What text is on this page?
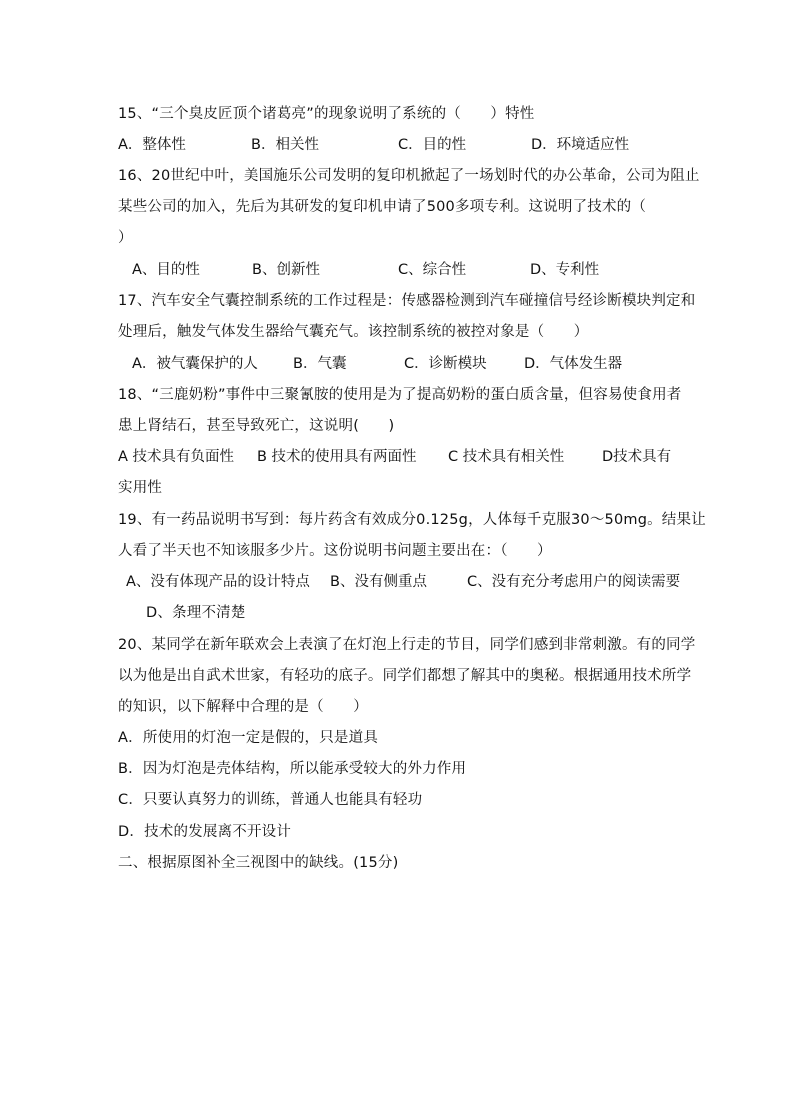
15、“三个臭皮匠顶个诸葛亮”的现象说明了系统的（　　）特性
A．整体性	B．相关性	C．目的性	D．环境适应性
16、20世纪中叶，美国施乐公司发明的复印机掀起了一场划时代的办公革命，公司为阻止
某些公司的加入，先后为其研发的复印机申请了500多项专利。这说明了技术的（
）
A、目的性	B、创新性	C、综合性	D、专利性
17、汽车安全气囊控制系统的工作过程是：传感器检测到汽车碰撞信号经诊断模块判定和
处理后，触发气体发生器给气囊充气。该控制系统的被控对象是（　　）
A．被气囊保护的人 B．气囊	C．诊断模块	D．气体发生器
18、“三鹿奶粉”事件中三聚氰胺的使用是为了提高奶粉的蛋白质含量，但容易使食用者
患上肾结石，甚至导致死亡，这说明(　　)
A 技术具有负面性 B 技术的使用具有两面性 C 技术具有相关性	D技术具有
实用性
19、有一药品说明书写到：每片药含有效成分0.125g，人体每千克服30～50mg。结果让
人看了半天也不知该服多少片。这份说明书问题主要出在：（　　）
A、没有体现产品的设计特点 B、没有侧重点	C、没有充分考虑用户的阅读需要
D、条理不清楚
20、某同学在新年联欢会上表演了在灯泡上行走的节目，同学们感到非常刺激。有的同学
以为他是出自武术世家，有轻功的底子。同学们都想了解其中的奥秘。根据通用技术所学
的知识，以下解释中合理的是（　　）
A．所使用的灯泡一定是假的，只是道具
B．因为灯泡是壳体结构，所以能承受较大的外力作用
C．只要认真努力的训练，普通人也能具有轻功
D．技术的发展离不开设计
二、根据原图补全三视图中的缺线。(15分)
